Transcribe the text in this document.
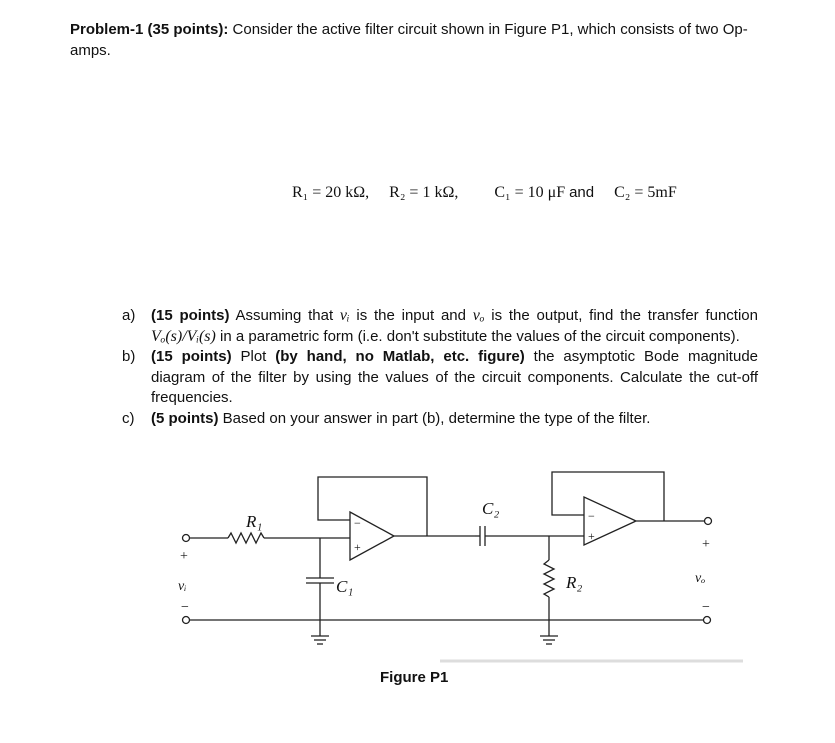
Problem-1 (35 points): Consider the active filter circuit shown in Figure P1, which consists of two Op-amps.
R₁ = 20 kΩ, R₂ = 1 kΩ, C₁ = 10 μF and C₂ = 5mF
a)	(15 points) Assuming that vᵢ is the input and vₒ is the output, find the transfer function Vₒ(s)/Vᵢ(s) in a parametric form (i.e. don't substitute the values of the circuit components).
b)	(15 points) Plot (by hand, no Matlab, etc. figure) the asymptotic Bode magnitude diagram of the filter by using the values of the circuit components. Calculate the cut-off frequencies.
c)	(5 points) Based on your answer in part (b), determine the type of the filter.
R₁
C₁
C₂
R₂
vᵢ
vₒ
+
−
+
−
−
+
−
+
Figure P1
